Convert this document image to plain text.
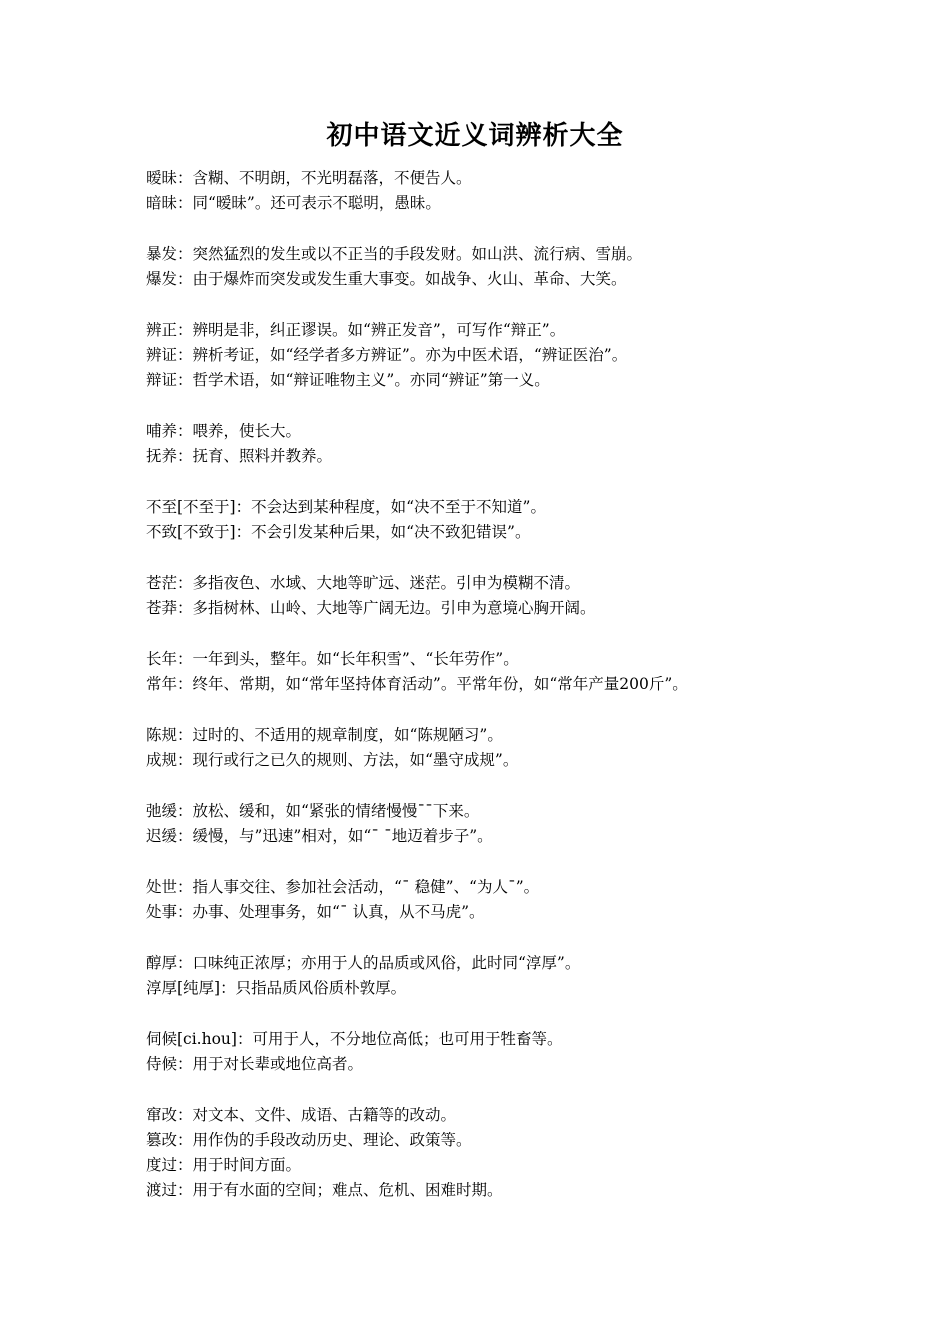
初中语文近义词辨析大全
暧昧：含糊、不明朗，不光明磊落，不便告人。
暗昧：同“暧昧”。还可表示不聪明，愚昧。
暴发：突然猛烈的发生或以不正当的手段发财。如山洪、流行病、雪崩。
爆发：由于爆炸而突发或发生重大事变。如战争、火山、革命、大笑。
辨正：辨明是非，纠正谬误。如“辨正发音”，可写作“辩正”。
辨证：辨析考证，如“经学者多方辨证”。亦为中医术语，“辨证医治”。
辩证：哲学术语，如“辩证唯物主义”。亦同“辨证”第一义。
哺养：喂养，使长大。
抚养：抚育、照料并教养。
不至[不至于]：不会达到某种程度，如“决不至于不知道”。
不致[不致于]：不会引发某种后果，如“决不致犯错误”。
苍茫：多指夜色、水域、大地等旷远、迷茫。引申为模糊不清。
苍莽：多指树林、山岭、大地等广阔无边。引申为意境心胸开阔。
长年：一年到头，整年。如“长年积雪”、“长年劳作”。
常年：终年、常期，如“常年坚持体育活动”。平常年份，如“常年产量200斤”。
陈规：过时的、不适用的规章制度，如“陈规陋习”。
成规：现行或行之已久的规则、方法，如“墨守成规”。
弛缓：放松、缓和，如“紧张的情绪慢慢¯¯下来。
迟缓：缓慢，与”迅速”相对，如“¯ ¯地迈着步子”。
处世：指人事交往、参加社会活动，“¯ 稳健”、“为人¯”。
处事：办事、处理事务，如“¯ 认真，从不马虎”。
醇厚：口味纯正浓厚；亦用于人的品质或风俗，此时同“淳厚”。
淳厚[纯厚]：只指品质风俗质朴敦厚。
伺候[ci.hou]：可用于人，不分地位高低；也可用于牲畜等。
侍候：用于对长辈或地位高者。
窜改：对文本、文件、成语、古籍等的改动。
篡改：用作伪的手段改动历史、理论、政策等。
度过：用于时间方面。
渡过：用于有水面的空间；难点、危机、困难时期。
